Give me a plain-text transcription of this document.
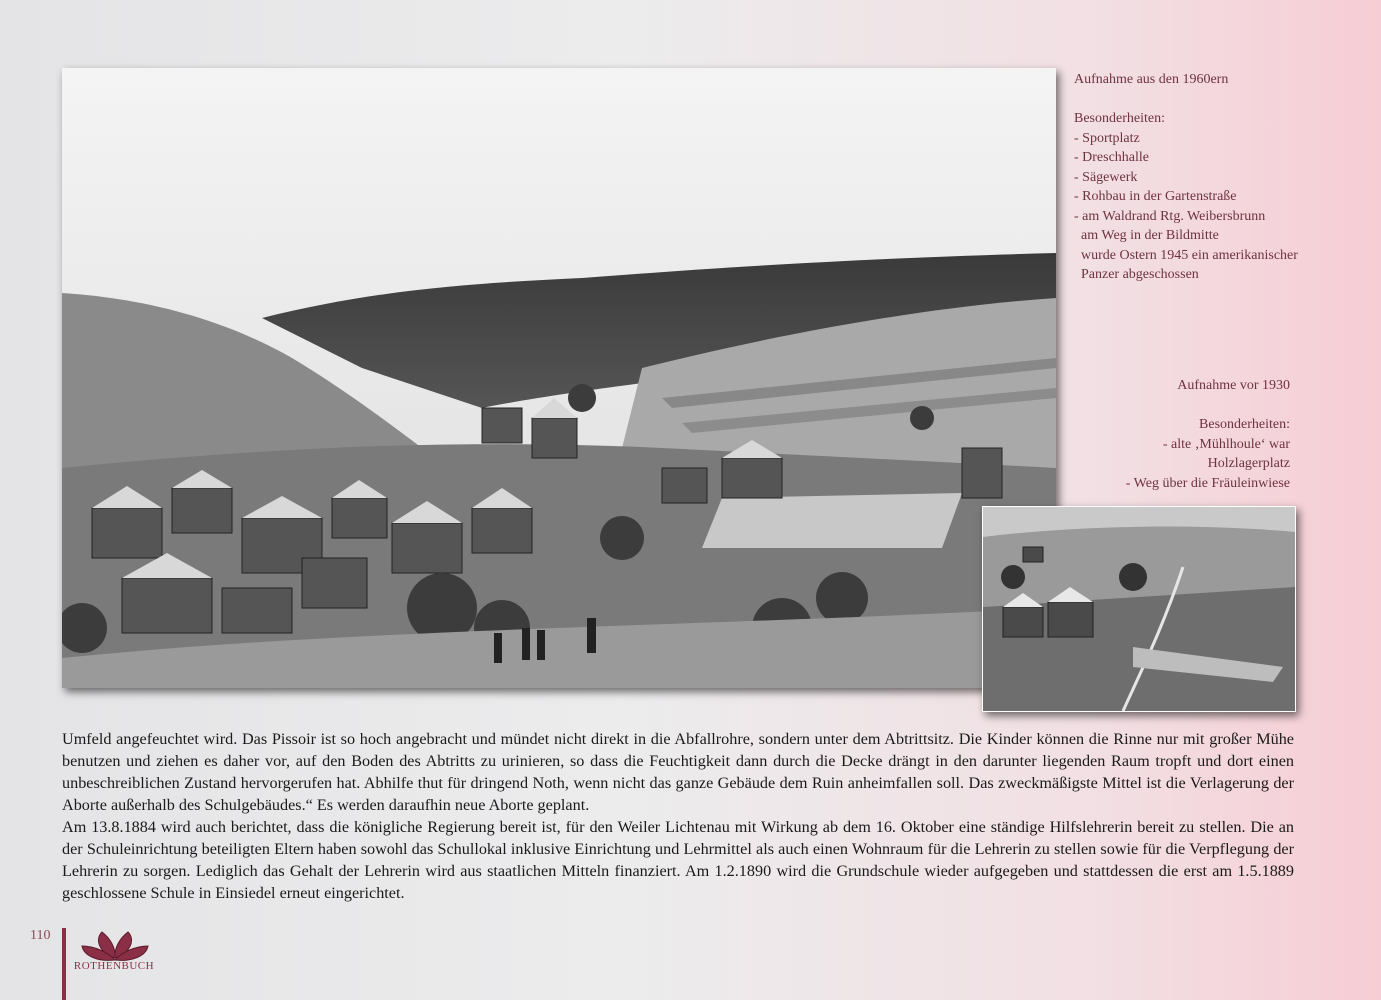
Aufnahme aus den 1960ern

Besonderheiten:
- Sportplatz
- Dreschhalle
- Sägewerk
- Rohbau in der Gartenstraße
- am Waldrand Rtg. Weibersbrunn
am Weg in der Bildmitte
wurde Ostern 1945 ein amerikanischer
Panzer abgeschossen
Aufnahme vor 1930

Besonderheiten:
- alte ‚Mühlhoule‘ war
Holzlagerplatz
- Weg über die Fräuleinwiese

Umfeld angefeuchtet wird. Das Pissoir ist so hoch angebracht und mündet nicht direkt in die Abfallrohre, sondern unter dem Abtrittsitz. Die Kinder können die Rinne nur mit großer Mühe benutzen und ziehen es daher vor, auf den Boden des Abtritts zu urinieren, so dass die Feuchtigkeit dann durch die Decke drängt in den darunter liegenden Raum tropft und dort einen unbeschreiblichen Zustand hervorgerufen hat. Abhilfe thut für dringend Noth, wenn nicht das ganze Gebäude dem Ruin anheimfallen soll. Das zweckmäßigste Mittel ist die Verlagerung der Aborte außerhalb des Schulgebäudes.“ Es werden daraufhin neue Aborte geplant.

Am 13.8.1884 wird auch berichtet, dass die königliche Regierung bereit ist, für den Weiler Lichtenau mit Wirkung ab dem 16. Oktober eine ständige Hilfslehrerin bereit zu stellen. Die an der Schuleinrichtung beteiligten Eltern haben sowohl das Schullokal inklusive Einrichtung und Lehrmittel als auch einen Wohnraum für die Lehrerin zu stellen sowie für die Verpflegung der Lehrerin zu sorgen. Lediglich das Gehalt der Lehrerin wird aus staatlichen Mitteln finanziert. Am 1.2.1890 wird die Grundschule wieder aufgegeben und stattdessen die erst am 1.5.1889 geschlossene Schule in Einsiedel erneut eingerichtet.

110
ROTHENBUCH
